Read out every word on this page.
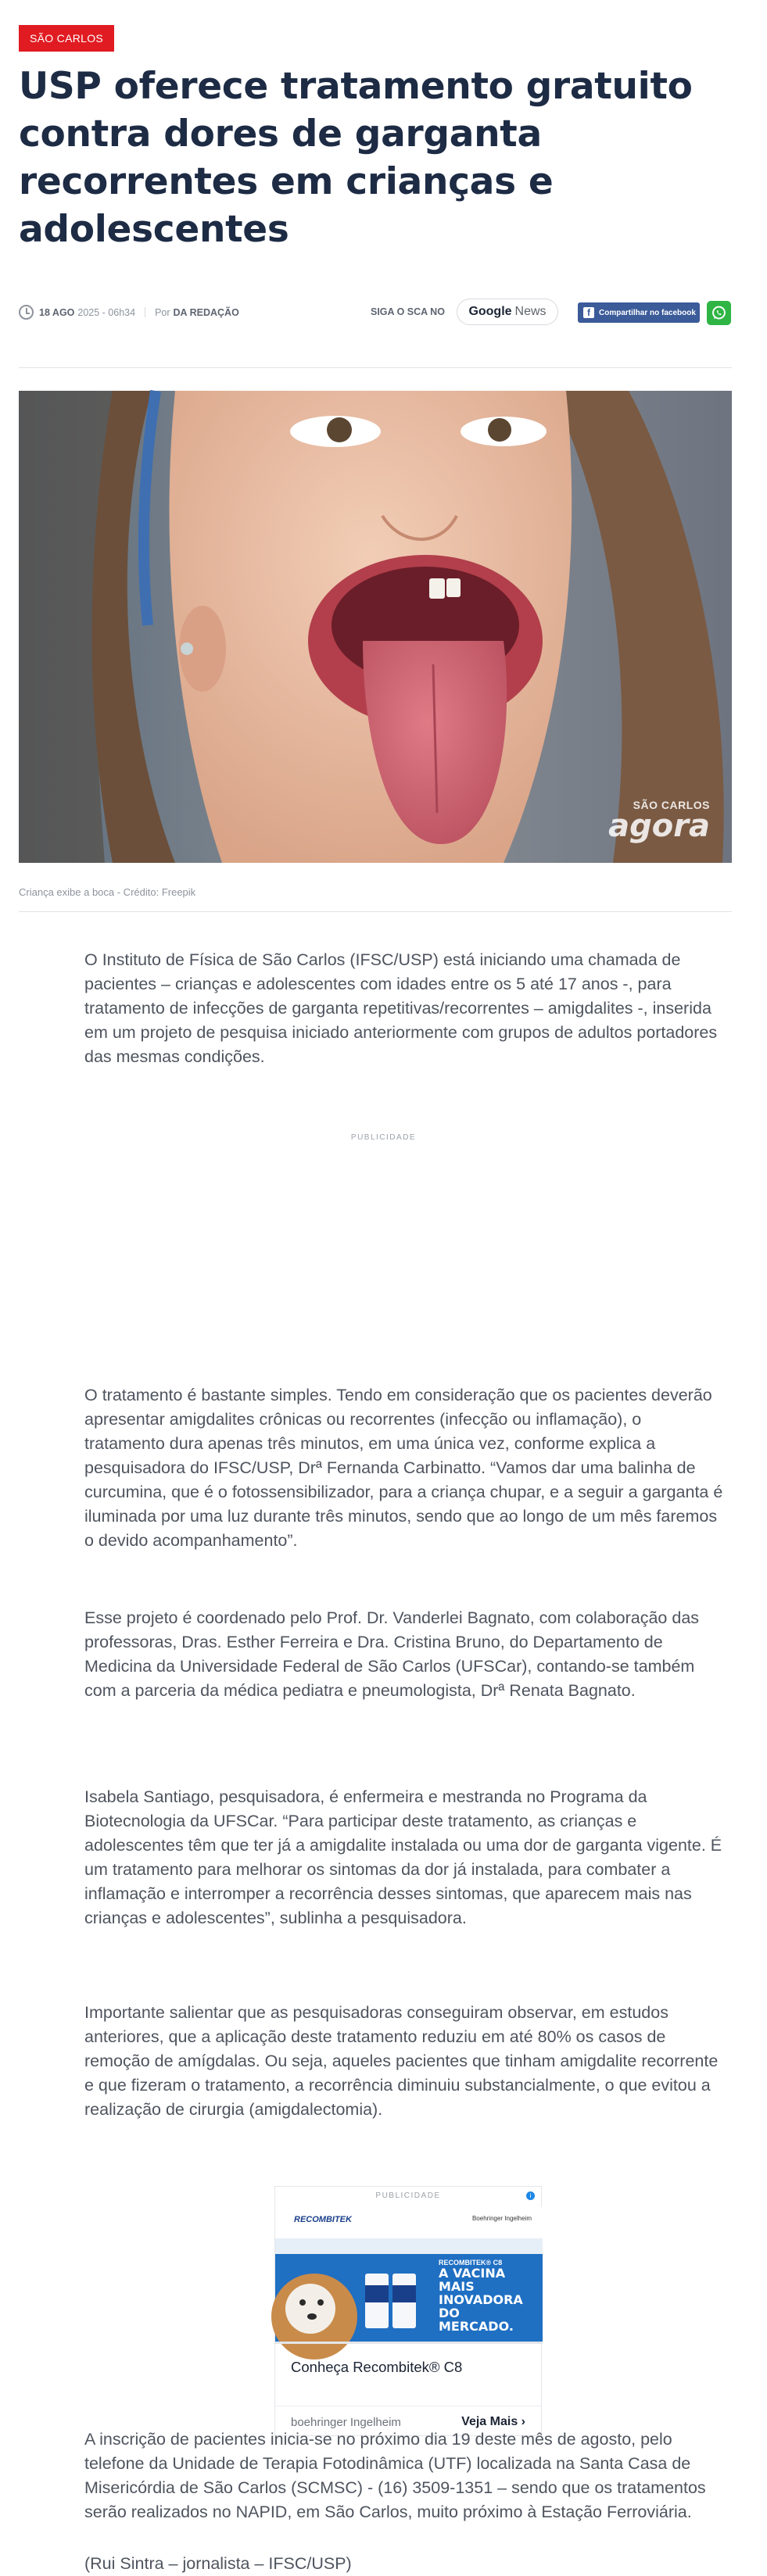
SÃO CARLOS
USP oferece tratamento gratuito contra dores de garganta recorrentes em crianças e adolescentes
18 AGO 2025 - 06h34 Por DA REDAÇÃO	SIGA O SCA NO Google News	f	Compartilhar no facebook
SÃO CARLOS
agora
Criança exibe a boca - Crédito: Freepik

O Instituto de Física de São Carlos (IFSC/USP) está iniciando uma chamada de pacientes – crianças e adolescentes com idades entre os 5 até 17 anos -, para tratamento de infecções de garganta repetitivas/recorrentes – amigdalites -, inserida em um projeto de pesquisa iniciado anteriormente com grupos de adultos portadores das mesmas condições.

PUBLICIDADE

O tratamento é bastante simples. Tendo em consideração que os pacientes deverão apresentar amigdalites crônicas ou recorrentes (infecção ou inflamação), o tratamento dura apenas três minutos, em uma única vez, conforme explica a pesquisadora do IFSC/USP, Drª Fernanda Carbinatto. “Vamos dar uma balinha de curcumina, que é o fotossensibilizador, para a criança chupar, e a seguir a garganta é iluminada por uma luz durante três minutos, sendo que ao longo de um mês faremos o devido acompanhamento”.

Esse projeto é coordenado pelo Prof. Dr. Vanderlei Bagnato, com colaboração das professoras, Dras. Esther Ferreira e Dra. Cristina Bruno, do Departamento de Medicina da Universidade Federal de São Carlos (UFSCar), contando-se também com a parceria da médica pediatra e pneumologista, Drª Renata Bagnato.

Isabela Santiago, pesquisadora, é enfermeira e mestranda no Programa da Biotecnologia da UFSCar. “Para participar deste tratamento, as crianças e adolescentes têm que ter já a amigdalite instalada ou uma dor de garganta vigente. É um tratamento para melhorar os sintomas da dor já instalada, para combater a inflamação e interromper a recorrência desses sintomas, que aparecem mais nas crianças e adolescentes”, sublinha a pesquisadora.

Importante salientar que as pesquisadoras conseguiram observar, em estudos anteriores, que a aplicação deste tratamento reduziu em até 80% os casos de remoção de amígdalas. Ou seja, aqueles pacientes que tinham amigdalite recorrente e que fizeram o tratamento, a recorrência diminuiu substancialmente, o que evitou a realização de cirurgia (amigdalectomia).

PUBLICIDADE	i
RECOMBITEK	Boehringer Ingelheim
RECOMBITEK® C8
A VACINA MAIS INOVADORA DO MERCADO.
Conheça Recombitek® C8
boehringer Ingelheim	Veja Mais ›

A inscrição de pacientes inicia-se no próximo dia 19 deste mês de agosto, pelo telefone da Unidade de Terapia Fotodinâmica (UTF) localizada na Santa Casa de Misericórdia de São Carlos (SCMSC) - (16) 3509-1351 – sendo que os tratamentos serão realizados no NAPID, em São Carlos, muito próximo à Estação Ferroviária.

(Rui Sintra – jornalista – IFSC/USP)
